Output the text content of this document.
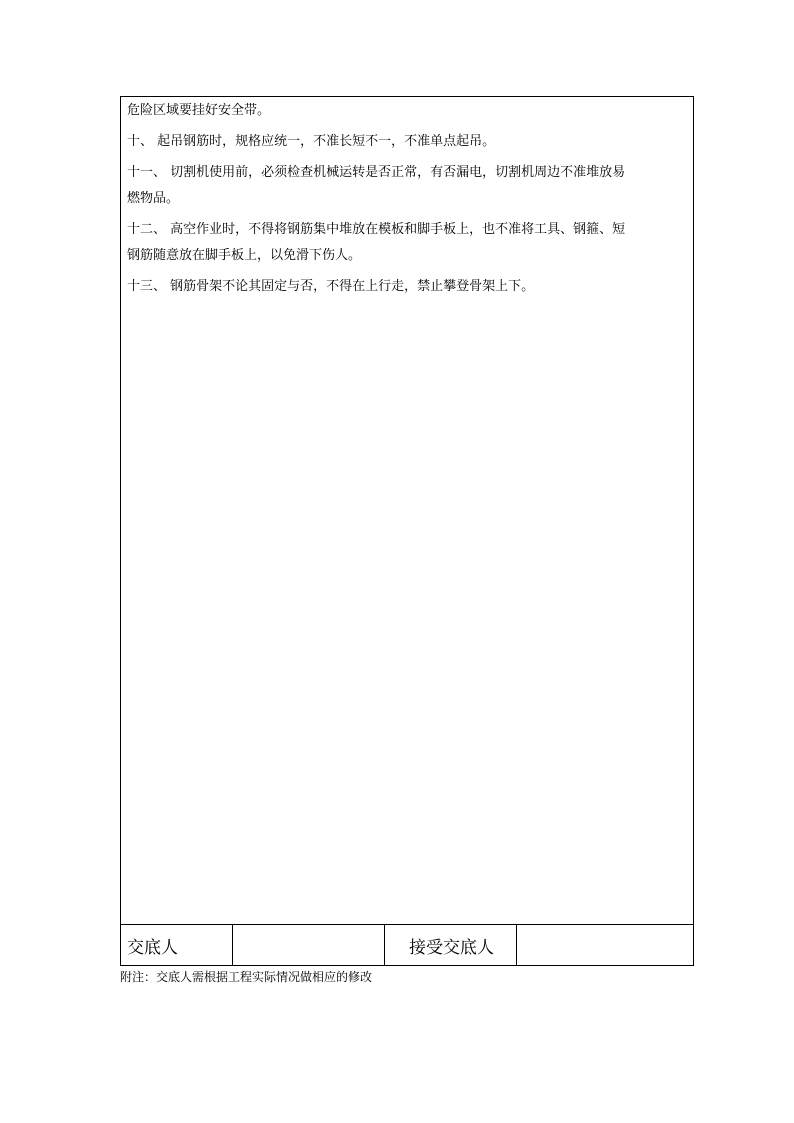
危险区域要挂好安全带。

十、 起吊钢筋时，规格应统一，不准长短不一，不准单点起吊。

十一、 切割机使用前，必须检查机械运转是否正常，有否漏电，切割机周边不准堆放易

燃物品。

十二、 高空作业时，不得将钢筋集中堆放在模板和脚手板上，也不准将工具、钢箍、短

钢筋随意放在脚手板上，以免滑下伤人。

十三、 钢筋骨架不论其固定与否，不得在上行走，禁止攀登骨架上下。

交底人	接受交底人
附注：交底人需根据工程实际情况做相应的修改
